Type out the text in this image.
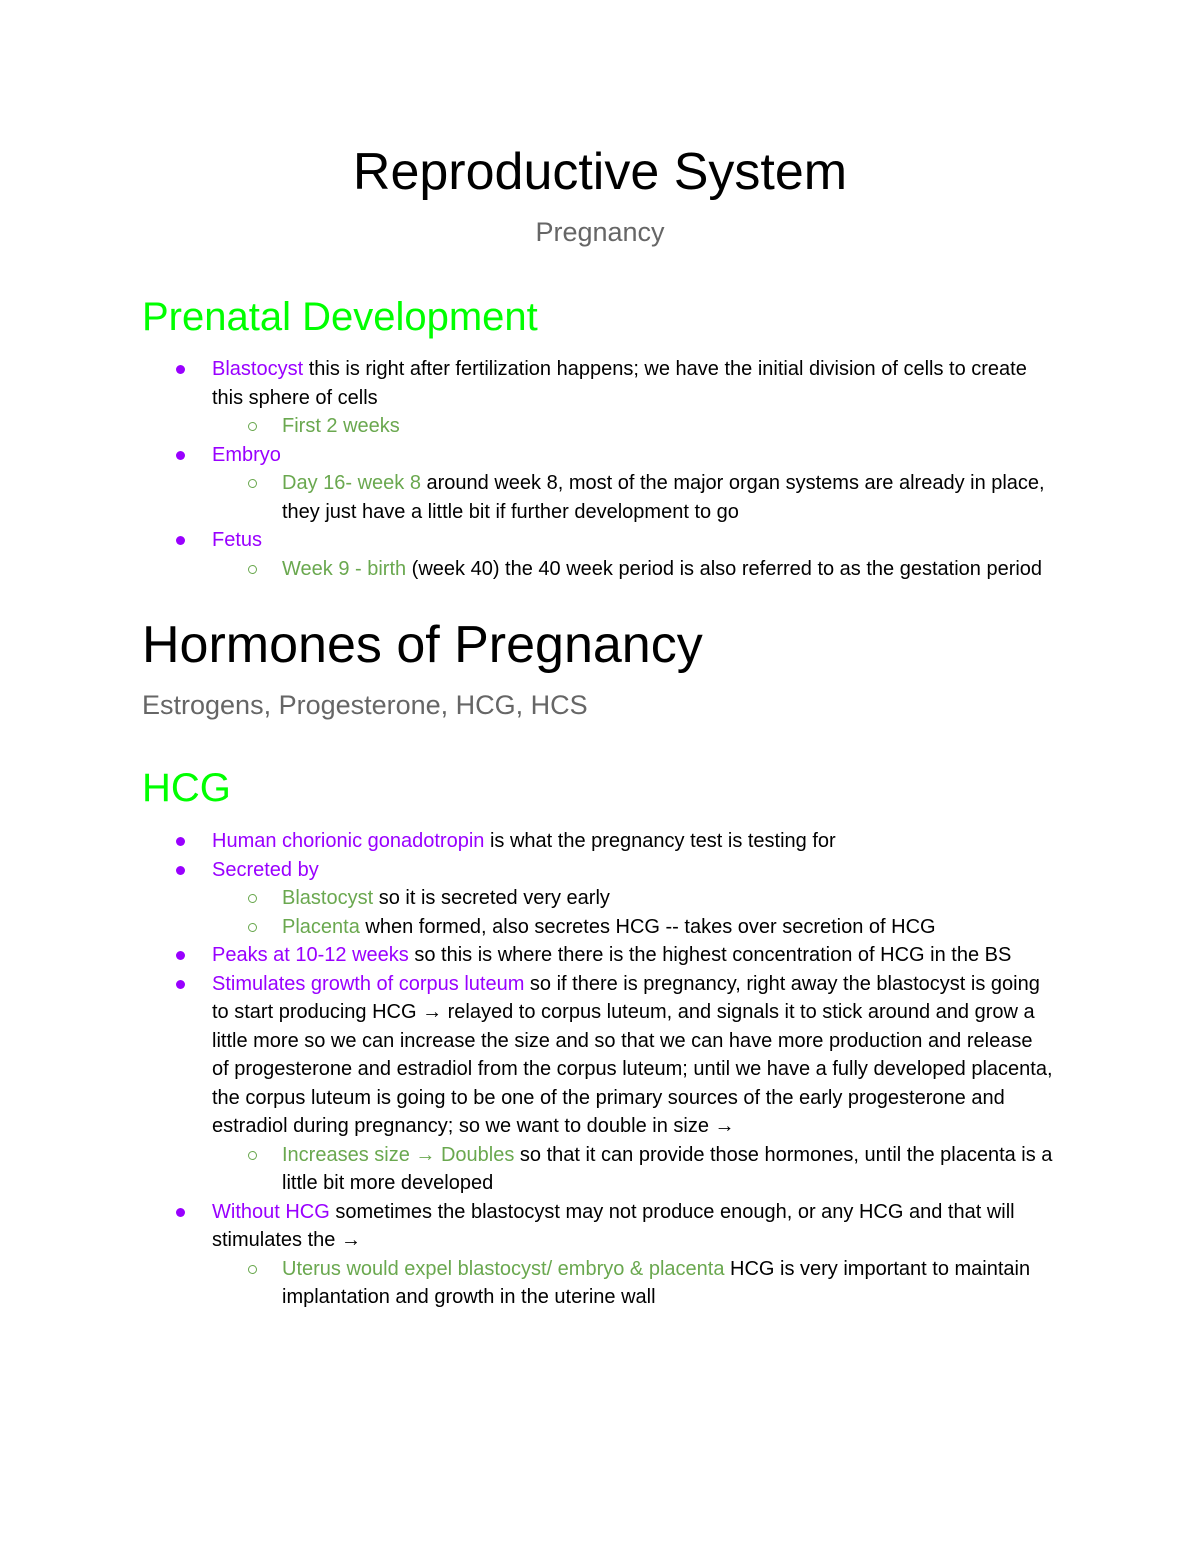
Reproductive System
Pregnancy
Prenatal Development
Blastocyst this is right after fertilization happens; we have the initial division of cells to create this sphere of cells
First 2 weeks
Embryo
Day 16- week 8 around week 8, most of the major organ systems are already in place, they just have a little bit if further development to go
Fetus
Week 9 - birth (week 40) the 40 week period is also referred to as the gestation period
Hormones of Pregnancy
Estrogens, Progesterone, HCG, HCS
HCG
Human chorionic gonadotropin is what the pregnancy test is testing for
Secreted by
Blastocyst so it is secreted very early
Placenta when formed, also secretes HCG -- takes over secretion of HCG
Peaks at 10-12 weeks so this is where there is the highest concentration of HCG in the BS
Stimulates growth of corpus luteum so if there is pregnancy, right away the blastocyst is going to start producing HCG → relayed to corpus luteum, and signals it to stick around and grow a little more so we can increase the size and so that we can have more production and release of progesterone and estradiol from the corpus luteum; until we have a fully developed placenta, the corpus luteum is going to be one of the primary sources of the early progesterone and estradiol during pregnancy; so we want to double in size →
Increases size → Doubles so that it can provide those hormones, until the placenta is a little bit more developed
Without HCG sometimes the blastocyst may not produce enough, or any HCG and that will stimulates the →
Uterus would expel blastocyst/ embryo & placenta HCG is very important to maintain implantation and growth in the uterine wall
